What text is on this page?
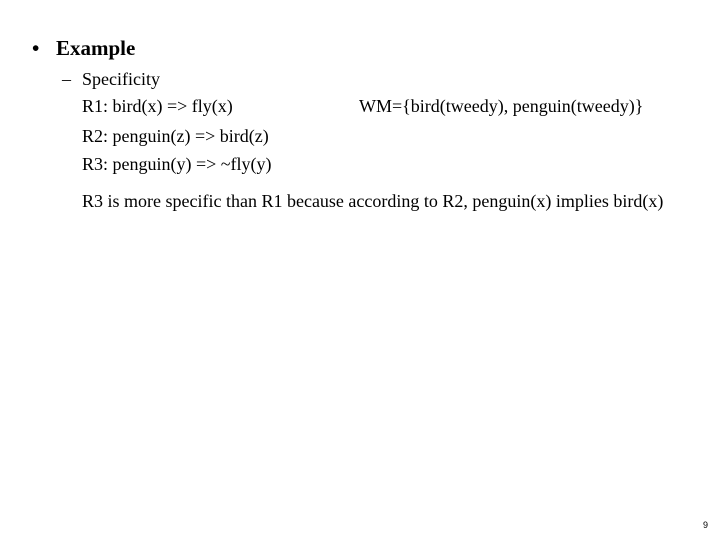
• Example
– Specificity
R1: bird(x) => fly(x)
R2: penguin(z) => bird(z)
R3: penguin(y) => ~fly(y)
WM={bird(tweedy), penguin(tweedy)}
R3 is more specific than R1 because according to R2, penguin(x) implies bird(x)
9
